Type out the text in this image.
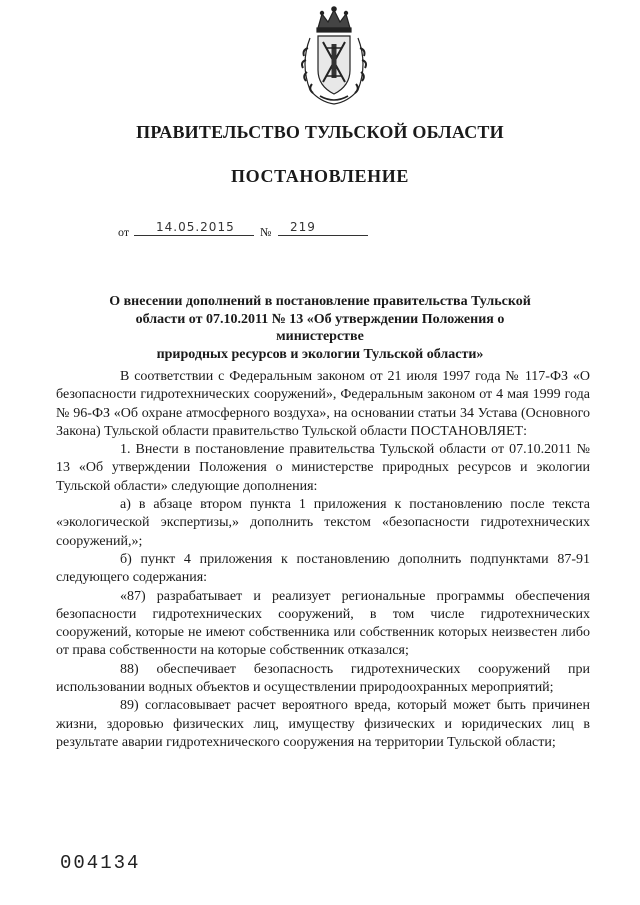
ПРАВИТЕЛЬСТВО ТУЛЬСКОЙ ОБЛАСТИ
ПОСТАНОВЛЕНИЕ
от 14.05.2015 № 219
О внесении дополнений в постановление правительства Тульской
области от 07.10.2011 № 13 «Об утверждении Положения о министерстве
природных ресурсов и экологии Тульской области»

В соответствии с Федеральным законом от 21 июля 1997 года № 117-ФЗ «О безопасности гидротехнических сооружений», Федеральным законом от 4 мая 1999 года № 96-ФЗ «Об охране атмосферного воздуха», на основании статьи 34 Устава (Основного Закона) Тульской области правительство Тульской области ПОСТАНОВЛЯЕТ:

1. Внести в постановление правительства Тульской области от 07.10.2011 № 13 «Об утверждении Положения о министерстве природных ресурсов и экологии Тульской области» следующие дополнения:

а) в абзаце втором пункта 1 приложения к постановлению после текста «экологической экспертизы,» дополнить текстом «безопасности гидротехнических сооружений,»;

б) пункт 4 приложения к постановлению дополнить подпунктами 87-91 следующего содержания:

«87) разрабатывает и реализует региональные программы обеспечения безопасности гидротехнических сооружений, в том числе гидротехнических сооружений, которые не имеют собственника или собственник которых неизвестен либо от права собственности на которые собственник отказался;

88) обеспечивает безопасность гидротехнических сооружений при использовании водных объектов и осуществлении природоохранных мероприятий;

89) согласовывает расчет вероятного вреда, который может быть причинен жизни, здоровью физических лиц, имуществу физических и юридических лиц в результате аварии гидротехнического сооружения на территории Тульской области;

004134
